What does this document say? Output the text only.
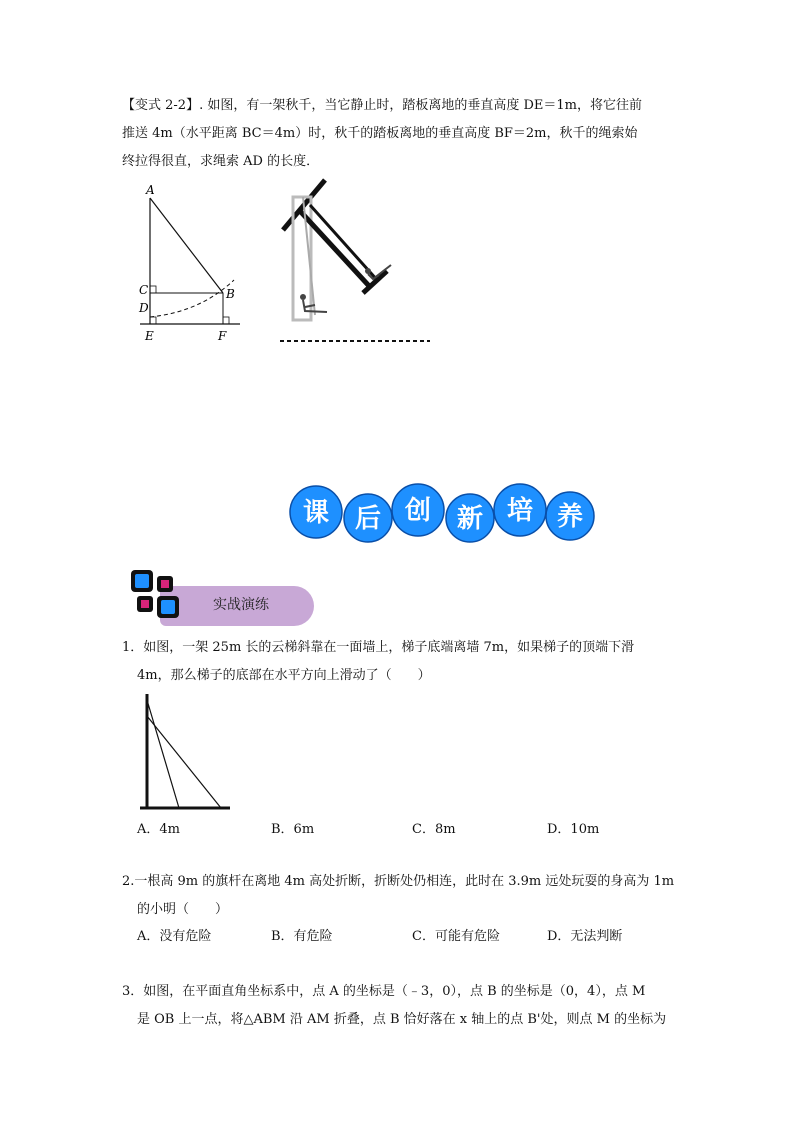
【变式 2-2】. 如图，有一架秋千，当它静止时，踏板离地的垂直高度 DE＝1m，将它往前
推送 4m（水平距离 BC＝4m）时，秋千的踏板离地的垂直高度 BF＝2m，秋千的绳索始
终拉得很直，求绳索 AD 的长度．
A
C	B
D
E	F
课 后 创 新 培 养
实战演练
1．如图，一架 25m 长的云梯斜靠在一面墙上，梯子底端离墙 7m，如果梯子的顶端下滑
4m，那么梯子的底部在水平方向上滑动了（　　）
A．4m	B．6m	C．8m	D．10m
2.一根高 9m 的旗杆在离地 4m 高处折断，折断处仍相连，此时在 3.9m 远处玩耍的身高为 1m
的小明（　　）
A．没有危险	B．有危险	C．可能有危险	D．无法判断
3．如图，在平面直角坐标系中，点 A 的坐标是（﹣3，0），点 B 的坐标是（0，4），点 M
是 OB 上一点，将△ABM 沿 AM 折叠，点 B 恰好落在 x 轴上的点 B'处，则点 M 的坐标为
